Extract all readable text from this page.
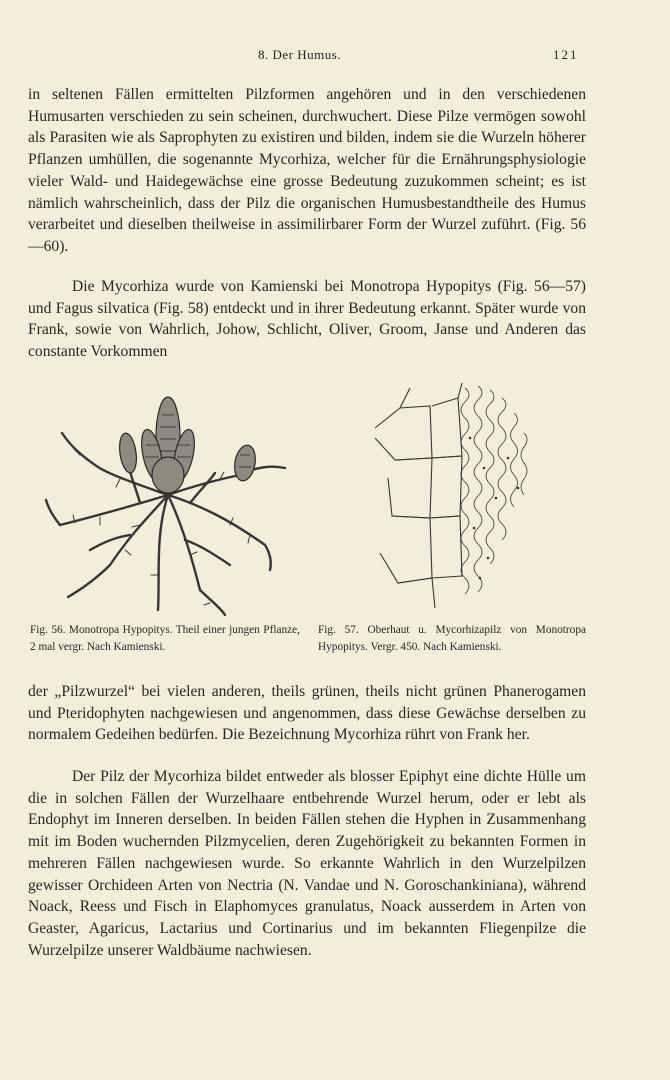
8. Der Humus.	121

in seltenen Fällen ermittelten Pilzformen angehören und in den verschiedenen Humusarten verschieden zu sein scheinen, durchwuchert. Diese Pilze vermögen sowohl als Parasiten wie als Saprophyten zu existiren und bilden, indem sie die Wurzeln höherer Pflanzen umhüllen, die sogenannte Mycorhiza, welcher für die Ernährungsphysiologie vieler Wald- und Haidegewächse eine grosse Bedeutung zuzukommen scheint; es ist nämlich wahrscheinlich, dass der Pilz die organischen Humusbestandtheile des Humus verarbeitet und dieselben theilweise in assimilirbarer Form der Wurzel zuführt. (Fig. 56—60).

Die Mycorhiza wurde von Kamienski bei Monotropa Hypopitys (Fig. 56—57) und Fagus silvatica (Fig. 58) entdeckt und in ihrer Bedeutung erkannt. Später wurde von Frank, sowie von Wahrlich, Johow, Schlicht, Oliver, Groom, Janse und Anderen das constante Vorkommen

Fig. 56. Monotropa Hypopitys. Theil einer jungen Pflanze, 2 mal vergr. Nach Kamienski.

Fig. 57. Oberhaut u. Mycorhizapilz von Monotropa Hypopitys. Vergr. 450. Nach Kamienski.

der „Pilzwurzel“ bei vielen anderen, theils grünen, theils nicht grünen Phanerogamen und Pteridophyten nachgewiesen und angenommen, dass diese Gewächse derselben zu normalem Gedeihen bedürfen. Die Bezeichnung Mycorhiza rührt von Frank her.

Der Pilz der Mycorhiza bildet entweder als blosser Epiphyt eine dichte Hülle um die in solchen Fällen der Wurzelhaare entbehrende Wurzel herum, oder er lebt als Endophyt im Inneren derselben. In beiden Fällen stehen die Hyphen in Zusammenhang mit im Boden wuchernden Pilzmycelien, deren Zugehörigkeit zu bekannten Formen in mehreren Fällen nachgewiesen wurde. So erkannte Wahrlich in den Wurzelpilzen gewisser Orchideen Arten von Nectria (N. Vandae und N. Goroschankiniana), während Noack, Reess und Fisch in Elaphomyces granulatus, Noack ausserdem in Arten von Geaster, Agaricus, Lactarius und Cortinarius und im bekannten Fliegenpilze die Wurzelpilze unserer Waldbäume nachwiesen.
